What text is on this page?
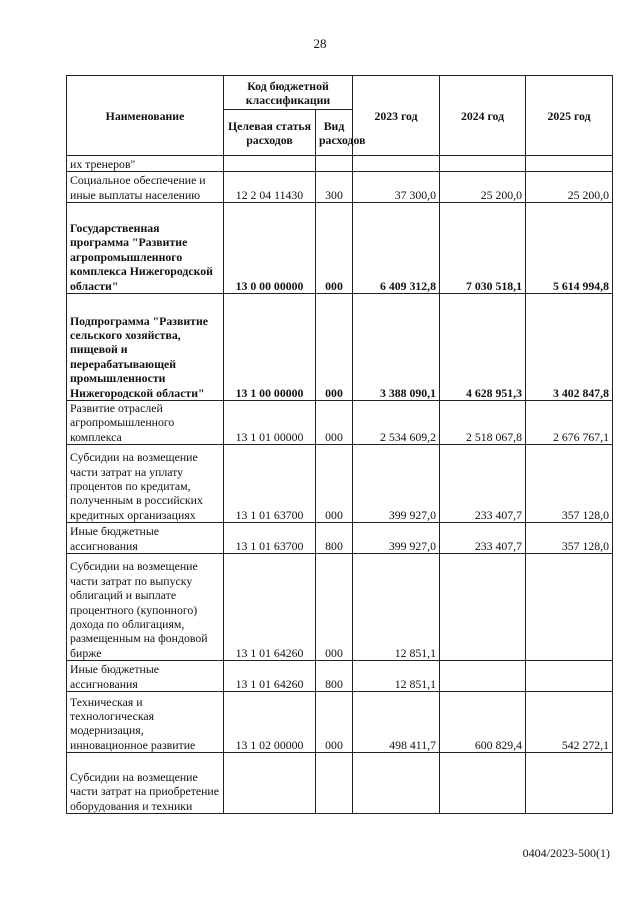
28
Наименование	Код бюджетной классификации		2023 год	2024 год	2025 год
	Целевая статья расходов	Вид расходов			
их тренеров"					
Социальное обеспечение и иные выплаты населению	12 2 04 11430	300	37 300,0	25 200,0	25 200,0
Государственная программа "Развитие агропромышленного комплекса Нижегородской области"	13 0 00 00000	000	6 409 312,8	7 030 518,1	5 614 994,8
Подпрограмма "Развитие сельского хозяйства, пищевой и перерабатывающей промышленности Нижегородской области"	13 1 00 00000	000	3 388 090,1	4 628 951,3	3 402 847,8
Развитие отраслей агропромышленного комплекса	13 1 01 00000	000	2 534 609,2	2 518 067,8	2 676 767,1
Субсидии на возмещение части затрат на уплату процентов по кредитам, полученным в российских кредитных организациях	13 1 01 63700	000	399 927,0	233 407,7	357 128,0
Иные бюджетные ассигнования	13 1 01 63700	800	399 927,0	233 407,7	357 128,0
Субсидии на возмещение части затрат по выпуску облигаций и выплате процентного (купонного) дохода по облигациям, размещенным на фондовой бирже	13 1 01 64260	000	12 851,1		
Иные бюджетные ассигнования	13 1 01 64260	800	12 851,1		
Техническая и технологическая модернизация, инновационное развитие	13 1 02 00000	000	498 411,7	600 829,4	542 272,1
Субсидии на возмещение части затрат на приобретение оборудования и техники					
0404/2023-500(1)
